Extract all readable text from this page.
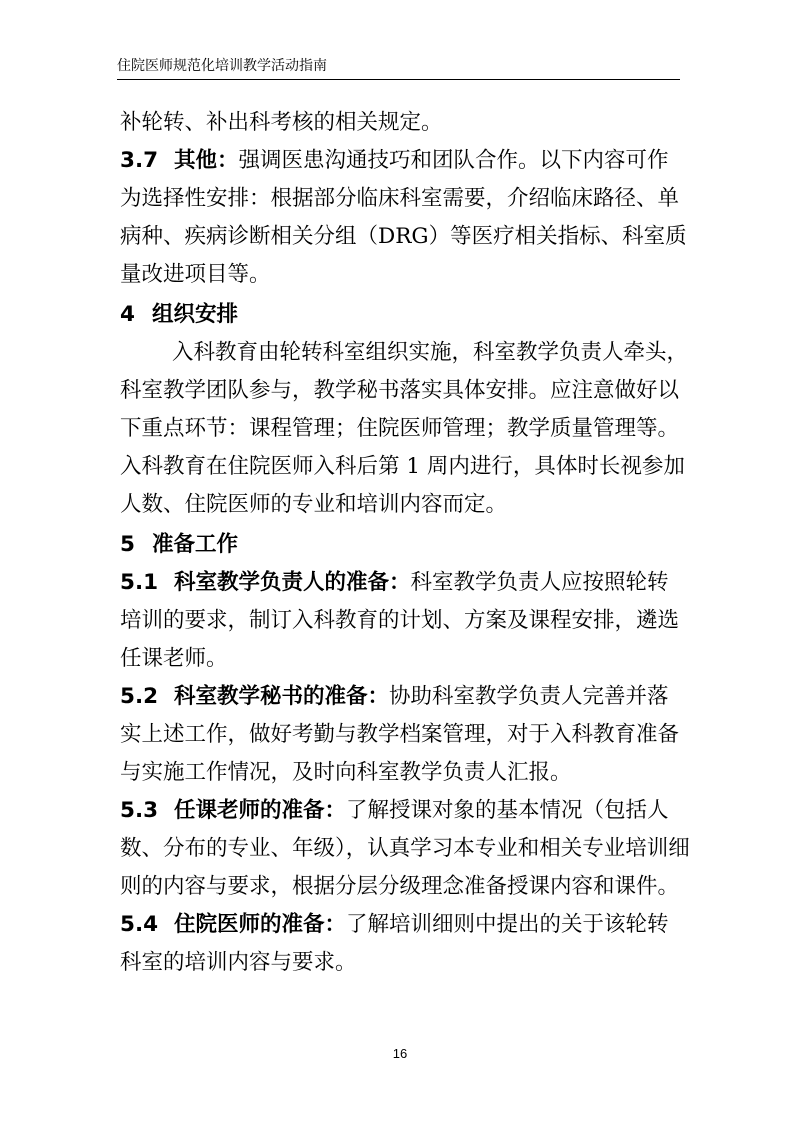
住院医师规范化培训教学活动指南

补轮转、补出科考核的相关规定。

3.7 其他：强调医患沟通技巧和团队合作。以下内容可作为选择性安排：根据部分临床科室需要，介绍临床路径、单病种、疾病诊断相关分组（DRG）等医疗相关指标、科室质量改进项目等。

4 组织安排

入科教育由轮转科室组织实施，科室教学负责人牵头，科室教学团队参与，教学秘书落实具体安排。应注意做好以下重点环节：课程管理；住院医师管理；教学质量管理等。入科教育在住院医师入科后第 1 周内进行，具体时长视参加人数、住院医师的专业和培训内容而定。

5 准备工作

5.1 科室教学负责人的准备：科室教学负责人应按照轮转培训的要求，制订入科教育的计划、方案及课程安排，遴选任课老师。

5.2 科室教学秘书的准备：协助科室教学负责人完善并落实上述工作，做好考勤与教学档案管理，对于入科教育准备与实施工作情况，及时向科室教学负责人汇报。

5.3 任课老师的准备：了解授课对象的基本情况（包括人数、分布的专业、年级），认真学习本专业和相关专业培训细则的内容与要求，根据分层分级理念准备授课内容和课件。

5.4 住院医师的准备：了解培训细则中提出的关于该轮转科室的培训内容与要求。

16
